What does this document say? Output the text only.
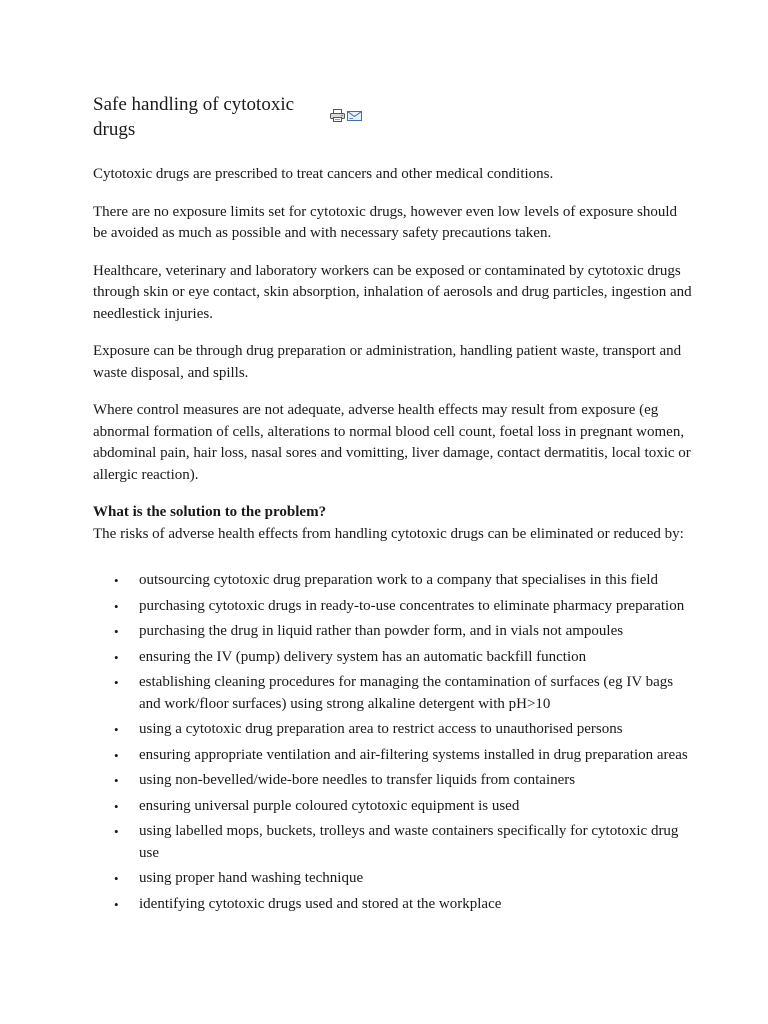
Safe handling of cytotoxic drugs

Cytotoxic drugs are prescribed to treat cancers and other medical conditions.

There are no exposure limits set for cytotoxic drugs, however even low levels of exposure should be avoided as much as possible and with necessary safety precautions taken.

Healthcare, veterinary and laboratory workers can be exposed or contaminated by cytotoxic drugs through skin or eye contact, skin absorption, inhalation of aerosols and drug particles, ingestion and needlestick injuries.

Exposure can be through drug preparation or administration, handling patient waste, transport and waste disposal, and spills.

Where control measures are not adequate, adverse health effects may result from exposure (eg abnormal formation of cells, alterations to normal blood cell count, foetal loss in pregnant women, abdominal pain, hair loss, nasal sores and vomitting, liver damage, contact dermatitis, local toxic or allergic reaction).

What is the solution to the problem?

The risks of adverse health effects from handling cytotoxic drugs can be eliminated or reduced by:

• outsourcing cytotoxic drug preparation work to a company that specialises in this field
• purchasing cytotoxic drugs in ready-to-use concentrates to eliminate pharmacy preparation
• purchasing the drug in liquid rather than powder form, and in vials not ampoules
• ensuring the IV (pump) delivery system has an automatic backfill function
• establishing cleaning procedures for managing the contamination of surfaces (eg IV bags and work/floor surfaces) using strong alkaline detergent with pH>10
• using a cytotoxic drug preparation area to restrict access to unauthorised persons
• ensuring appropriate ventilation and air-filtering systems installed in drug preparation areas
• using non-bevelled/wide-bore needles to transfer liquids from containers
• ensuring universal purple coloured cytotoxic equipment is used
• using labelled mops, buckets, trolleys and waste containers specifically for cytotoxic drug use
• using proper hand washing technique
• identifying cytotoxic drugs used and stored at the workplace
